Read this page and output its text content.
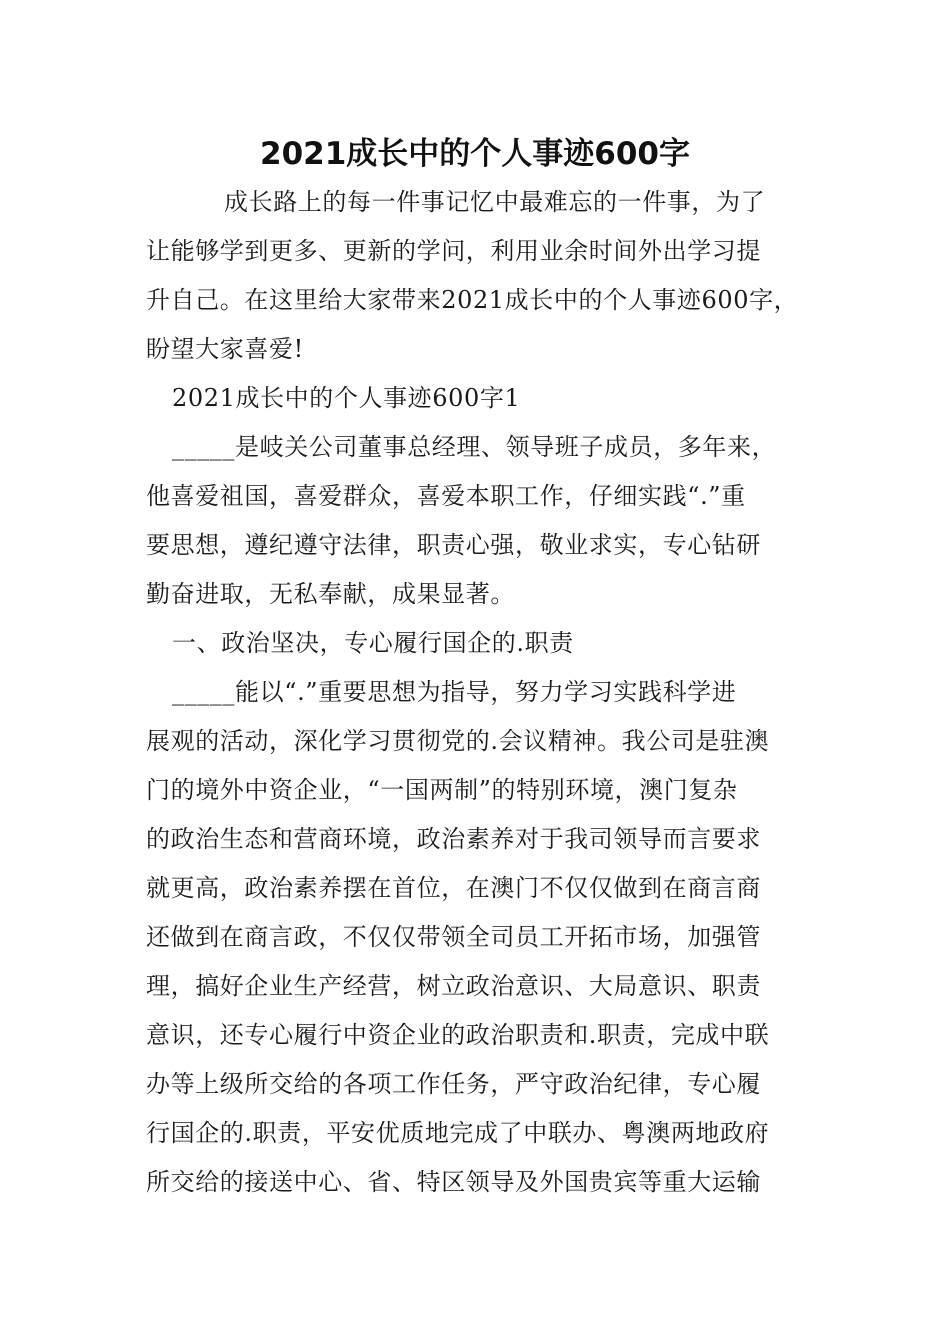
2021成长中的个人事迹600字
成长路上的每一件事记忆中最难忘的一件事，为了
让能够学到更多、更新的学问，利用业余时间外出学习提
升自己。在这里给大家带来2021成长中的个人事迹600字，
盼望大家喜爱!
2021成长中的个人事迹600字1
_____是岐关公司董事总经理、领导班子成员，多年来，
他喜爱祖国，喜爱群众，喜爱本职工作，仔细实践“.”重
要思想，遵纪遵守法律，职责心强，敬业求实，专心钻研
勤奋进取，无私奉献，成果显著。
一、政治坚决，专心履行国企的.职责
_____能以“.”重要思想为指导，努力学习实践科学进
展观的活动，深化学习贯彻党的.会议精神。我公司是驻澳
门的境外中资企业，“一国两制”的特别环境，澳门复杂
的政治生态和营商环境，政治素养对于我司领导而言要求
就更高，政治素养摆在首位，在澳门不仅仅做到在商言商
还做到在商言政，不仅仅带领全司员工开拓市场，加强管
理，搞好企业生产经营，树立政治意识、大局意识、职责
意识，还专心履行中资企业的政治职责和.职责，完成中联
办等上级所交给的各项工作任务，严守政治纪律，专心履
行国企的.职责，平安优质地完成了中联办、粤澳两地政府
所交给的接送中心、省、特区领导及外国贵宾等重大运输
